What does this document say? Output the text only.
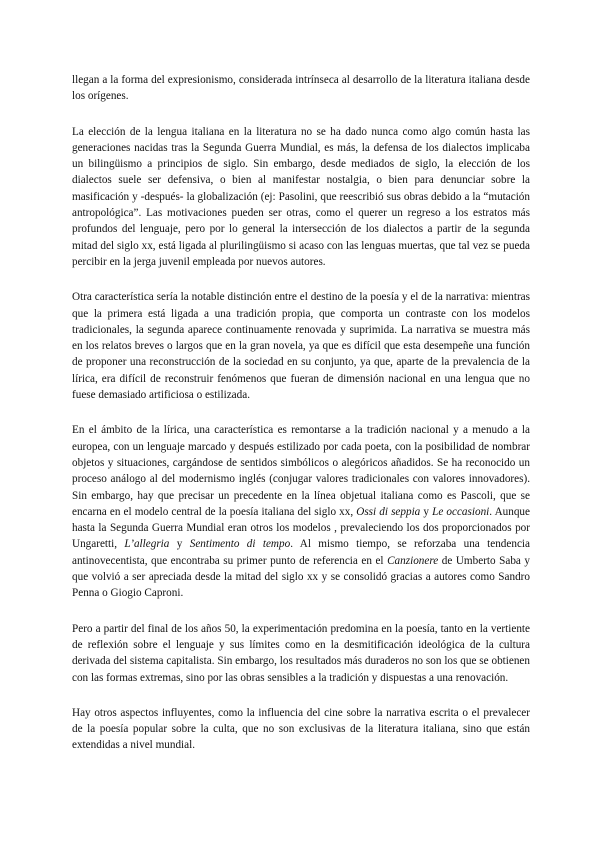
llegan a la forma del expresionismo, considerada intrínseca al desarrollo de la literatura italiana desde los orígenes.

La elección de la lengua italiana en la literatura no se ha dado nunca como algo común hasta las generaciones nacidas tras la Segunda Guerra Mundial, es más, la defensa de los dialectos implicaba un bilingüismo a principios de siglo. Sin embargo, desde mediados de siglo, la elección de los dialectos suele ser defensiva, o bien al manifestar nostalgia, o bien para denunciar sobre la masificación y -después- la globalización (ej: Pasolini, que reescribió sus obras debido a la “mutación antropológica”. Las motivaciones pueden ser otras, como el querer un regreso a los estratos más profundos del lenguaje, pero por lo general la intersección de los dialectos a partir de la segunda mitad del siglo xx, está ligada al plurilingüismo si acaso con las lenguas muertas, que tal vez se pueda percibir en la jerga juvenil empleada por nuevos autores.

Otra característica sería la notable distinción entre el destino de la poesía y el de la narrativa: mientras que la primera está ligada a una tradición propia, que comporta un contraste con los modelos tradicionales, la segunda aparece continuamente renovada y suprimida. La narrativa se muestra más en los relatos breves o largos que en la gran novela, ya que es difícil que esta desempeñe una función de proponer una reconstrucción de la sociedad en su conjunto, ya que, aparte de la prevalencia de la lírica, era difícil de reconstruir fenómenos que fueran de dimensión nacional en una lengua que no fuese demasiado artificiosa o estilizada.

En el ámbito de la lírica, una característica es remontarse a la tradición nacional y a menudo a la europea, con un lenguaje marcado y después estilizado por cada poeta, con la posibilidad de nombrar objetos y situaciones, cargándose de sentidos simbólicos o alegóricos añadidos. Se ha reconocido un proceso análogo al del modernismo inglés (conjugar valores tradicionales con valores innovadores). Sin embargo, hay que precisar un precedente en la línea objetual italiana como es Pascoli, que se encarna en el modelo central de la poesía italiana del siglo xx, Ossi di seppia y Le occasioni. Aunque hasta la Segunda Guerra Mundial eran otros los modelos , prevaleciendo los dos proporcionados por Ungaretti, L’allegria y Sentimento di tempo. Al mismo tiempo, se reforzaba una tendencia antinovecentista, que encontraba su primer punto de referencia en el Canzionere de Umberto Saba y que volvió a ser apreciada desde la mitad del siglo xx y se consolidó gracias a autores como Sandro Penna o Giogio Caproni.

Pero a partir del final de los años 50, la experimentación predomina en la poesía, tanto en la vertiente de reflexión sobre el lenguaje y sus límites como en la desmitificación ideológica de la cultura derivada del sistema capitalista. Sin embargo, los resultados más duraderos no son los que se obtienen con las formas extremas, sino por las obras sensibles a la tradición y dispuestas a una renovación.

Hay otros aspectos influyentes, como la influencia del cine sobre la narrativa escrita o el prevalecer de la poesía popular sobre la culta, que no son exclusivas de la literatura italiana, sino que están extendidas a nivel mundial.
